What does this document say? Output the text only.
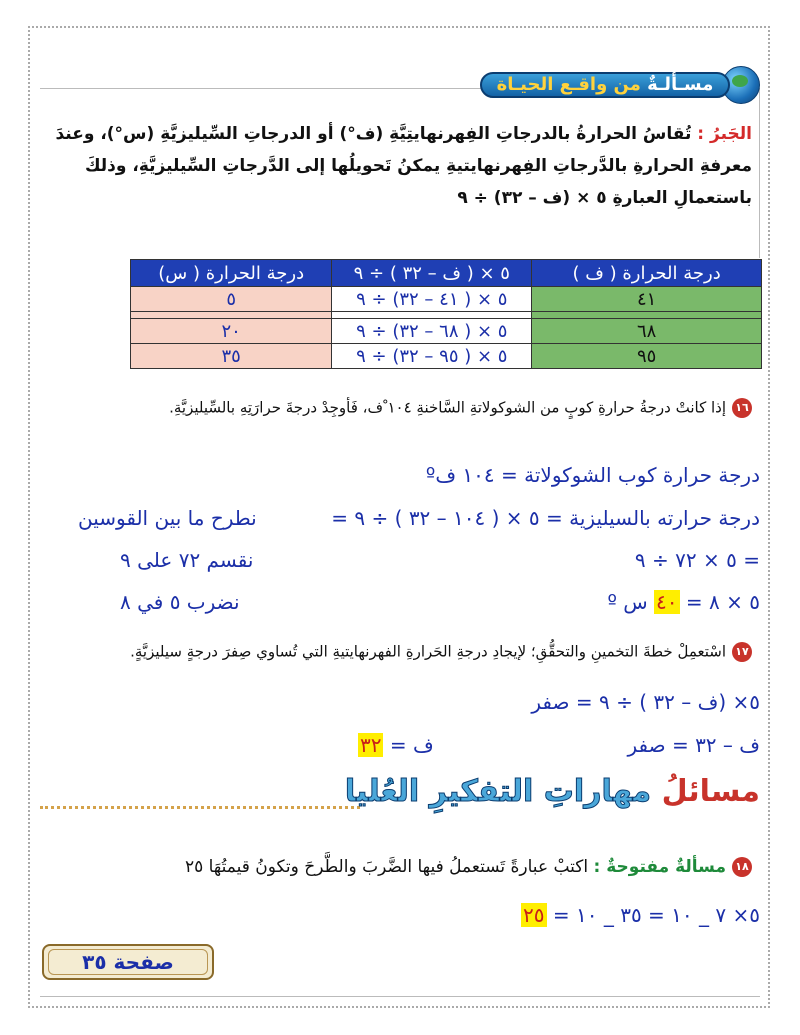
مسـألـةٌ من واقـع الحيـاة
الجَبرُ : تُقاسُ الحرارةُ بالدرجاتِ الفِهرنهايتِيَّةِ (ف°) أو الدرجاتِ السِّيليزيَّةِ (س°)، وعندَ معرفةِ الحرارةِ بالدَّرجاتِ الفِهرنهايتيةِ يمكنُ تَحويلُها إلى الدَّرجاتِ السِّيليزيَّةِ، وذلكَ باستعمالِ العبارةِ ٥ × (ف – ٣٢) ÷ ٩
درجة الحرارة ( ف )	٥ × ( ف – ٣٢ ) ÷ ٩	درجة الحرارة ( س)
٤١	٥ × ( ٤١ – ٣٢) ÷ ٩	٥

٦٨	٥ × ( ٦٨ – ٣٢) ÷ ٩	٢٠
٩٥	٥ × ( ٩٥ – ٣٢) ÷ ٩	٣٥
١٦إذا كانتْ درجةُ حرارةِ كوبٍ من الشوكولاتةِ السَّاخنةِ ١٠٤ ْف، فَأوجِدْ درجةَ حرارَتِهِ بالسِّيليزيَّةِ.
درجة حرارة كوب الشوكولاتة = ١٠٤ فº
درجة حرارته بالسيليزية = ٥ × ( ١٠٤ – ٣٢ ) ÷ ٩ =
نطرح ما بين القوسين
= ٥ × ٧٢ ÷ ٩
نقسم ٧٢ على ٩
٥ × ٨ = ٤٠ س º
نضرب ٥ في ٨
١٧اسْتعمِلْ خطةَ التخمينِ والتحقُّقِ؛ لإيجادِ درجةِ الحَرارةِ الفهرنهايتيةِ التي تُساوي صِفرَ درجةٍ سيليزيَّةٍ.
٥× (ف – ٣٢ ) ÷ ٩ = صفر
ف – ٣٢ = صفر
ف = ٣٢
مسائلُ مهاراتِ التفكيرِ العُليا
١٨مسألةٌ مفتوحةٌ : اكتبْ عبارةً تَستعملُ فيها الضَّربَ والطَّرحَ وتكونُ قيمتُهَا ٢٥
٥× ٧ _ ١٠ = ٣٥ _ ١٠ = ٢٥
صفحة ٣٥
